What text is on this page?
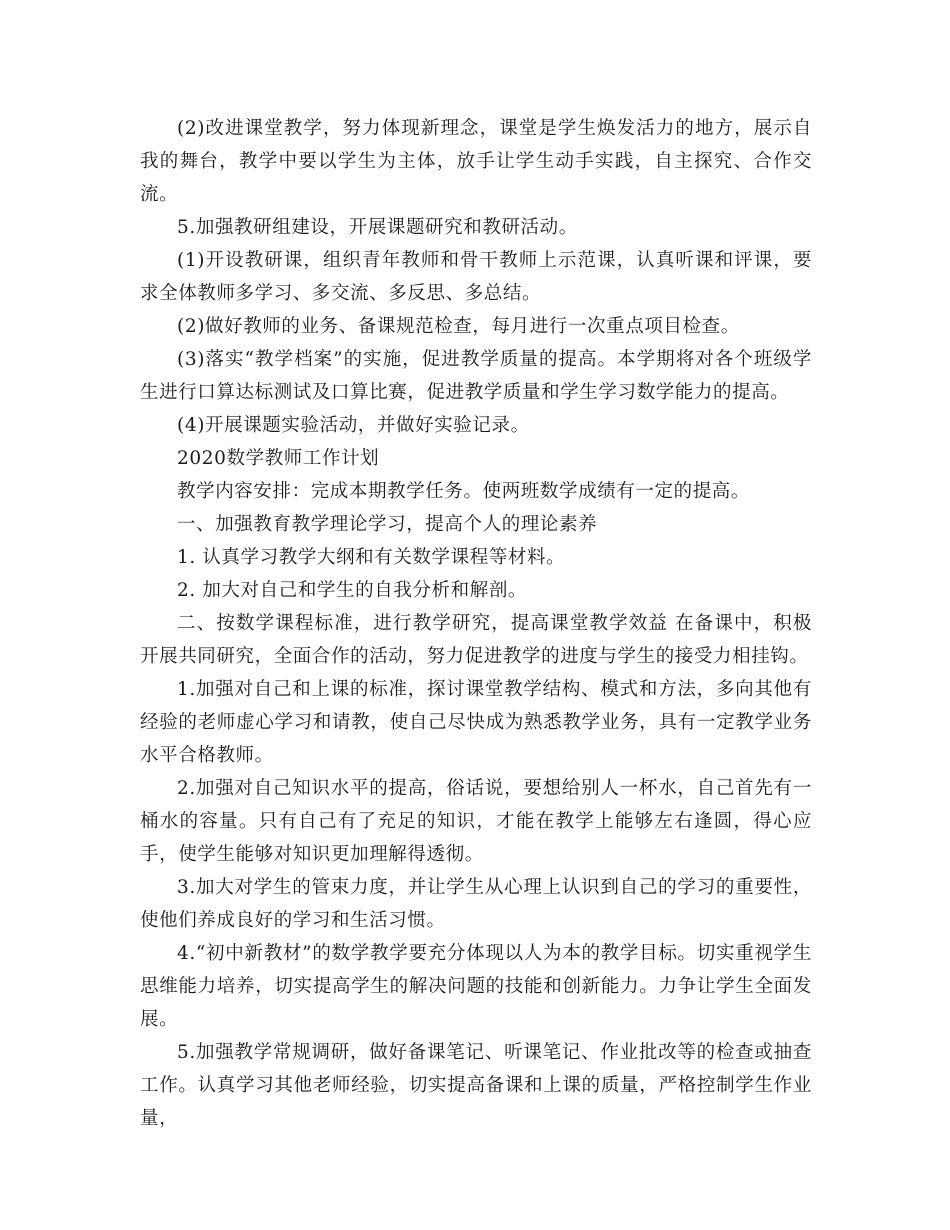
(2)改进课堂教学，努力体现新理念，课堂是学生焕发活力的地方，展示自我的舞台，教学中要以学生为主体，放手让学生动手实践，自主探究、合作交流。

5.加强教研组建设，开展课题研究和教研活动。

(1)开设教研课，组织青年教师和骨干教师上示范课，认真听课和评课，要求全体教师多学习、多交流、多反思、多总结。

(2)做好教师的业务、备课规范检查，每月进行一次重点项目检查。

(3)落实“教学档案”的实施，促进教学质量的提高。本学期将对各个班级学生进行口算达标测试及口算比赛，促进教学质量和学生学习数学能力的提高。

(4)开展课题实验活动，并做好实验记录。

2020数学教师工作计划

教学内容安排：完成本期教学任务。使两班数学成绩有一定的提高。

一、加强教育教学理论学习，提高个人的理论素养

1. 认真学习教学大纲和有关数学课程等材料。

2. 加大对自己和学生的自我分析和解剖。

二、按数学课程标准，进行教学研究，提高课堂教学效益 在备课中，积极开展共同研究，全面合作的活动，努力促进教学的进度与学生的接受力相挂钩。

1.加强对自己和上课的标准，探讨课堂教学结构、模式和方法，多向其他有经验的老师虚心学习和请教，使自己尽快成为熟悉教学业务，具有一定教学业务水平合格教师。

2.加强对自己知识水平的提高，俗话说，要想给别人一杯水，自己首先有一桶水的容量。只有自己有了充足的知识，才能在教学上能够左右逢圆，得心应手，使学生能够对知识更加理解得透彻。

3.加大对学生的管束力度，并让学生从心理上认识到自己的学习的重要性，使他们养成良好的学习和生活习惯。

4.“初中新教材”的数学教学要充分体现以人为本的教学目标。切实重视学生思维能力培养，切实提高学生的解决问题的技能和创新能力。力争让学生全面发展。

5.加强教学常规调研，做好备课笔记、听课笔记、作业批改等的检查或抽查工作。认真学习其他老师经验，切实提高备课和上课的质量，严格控制学生作业量，
